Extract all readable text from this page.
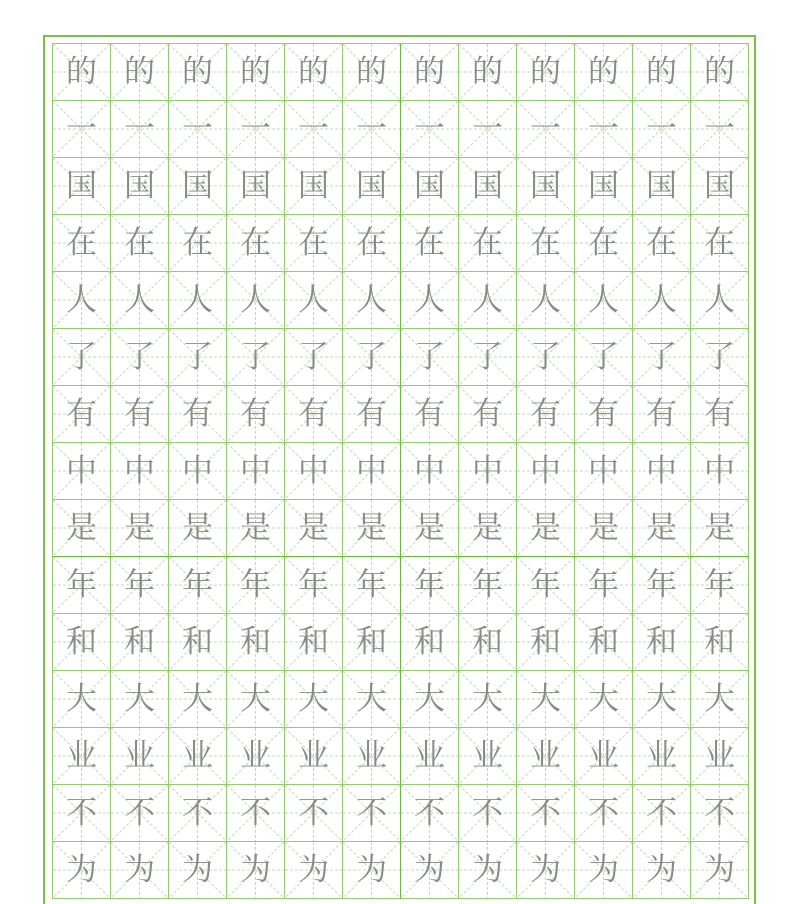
的 的 的 的 的 的 的 的 的 的 的 的
一 一 一 一 一 一 一 一 一 一 一 一
国 国 国 国 国 国 国 国 国 国 国 国
在 在 在 在 在 在 在 在 在 在 在 在
人 人 人 人 人 人 人 人 人 人 人 人
了 了 了 了 了 了 了 了 了 了 了 了
有 有 有 有 有 有 有 有 有 有 有 有
中 中 中 中 中 中 中 中 中 中 中 中
是 是 是 是 是 是 是 是 是 是 是 是
年 年 年 年 年 年 年 年 年 年 年 年
和 和 和 和 和 和 和 和 和 和 和 和
大 大 大 大 大 大 大 大 大 大 大 大
业 业 业 业 业 业 业 业 业 业 业 业
不 不 不 不 不 不 不 不 不 不 不 不
为 为 为 为 为 为 为 为 为 为 为 为
